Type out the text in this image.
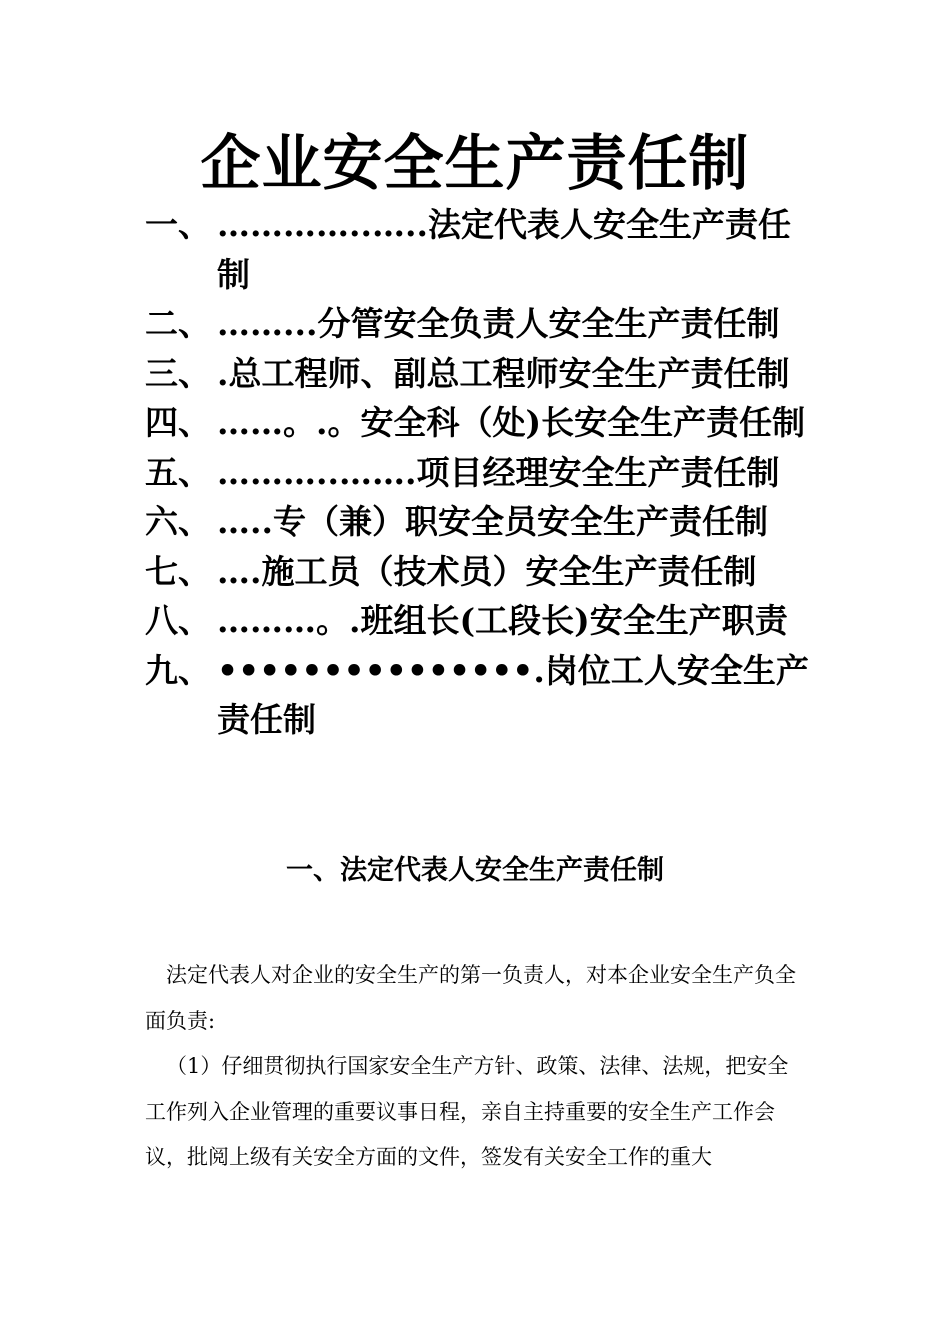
企业安全生产责任制
一、 …………..…..法定代表人安全生产责任制
二、 ……...分管安全负责人安全生产责任制
三、 .总工程师、副总工程师安全生产责任制
四、 ……。.。安全科（处)长安全生产责任制
五、 ………..…….项目经理安全生产责任制
六、 …..专（兼）职安全员安全生产责任制
七、 ….施工员（技术员）安全生产责任制
八、 ………。.班组长(工段长)安全生产职责
九、 •••••••••••••••.岗位工人安全生产责任制
一、法定代表人安全生产责任制

法定代表人对企业的安全生产的第一负责人，对本企业安全生产负全面负责:

（1）仔细贯彻执行国家安全生产方针、政策、法律、法规，把安全工作列入企业管理的重要议事日程，亲自主持重要的安全生产工作会议，批阅上级有关安全方面的文件，签发有关安全工作的重大
